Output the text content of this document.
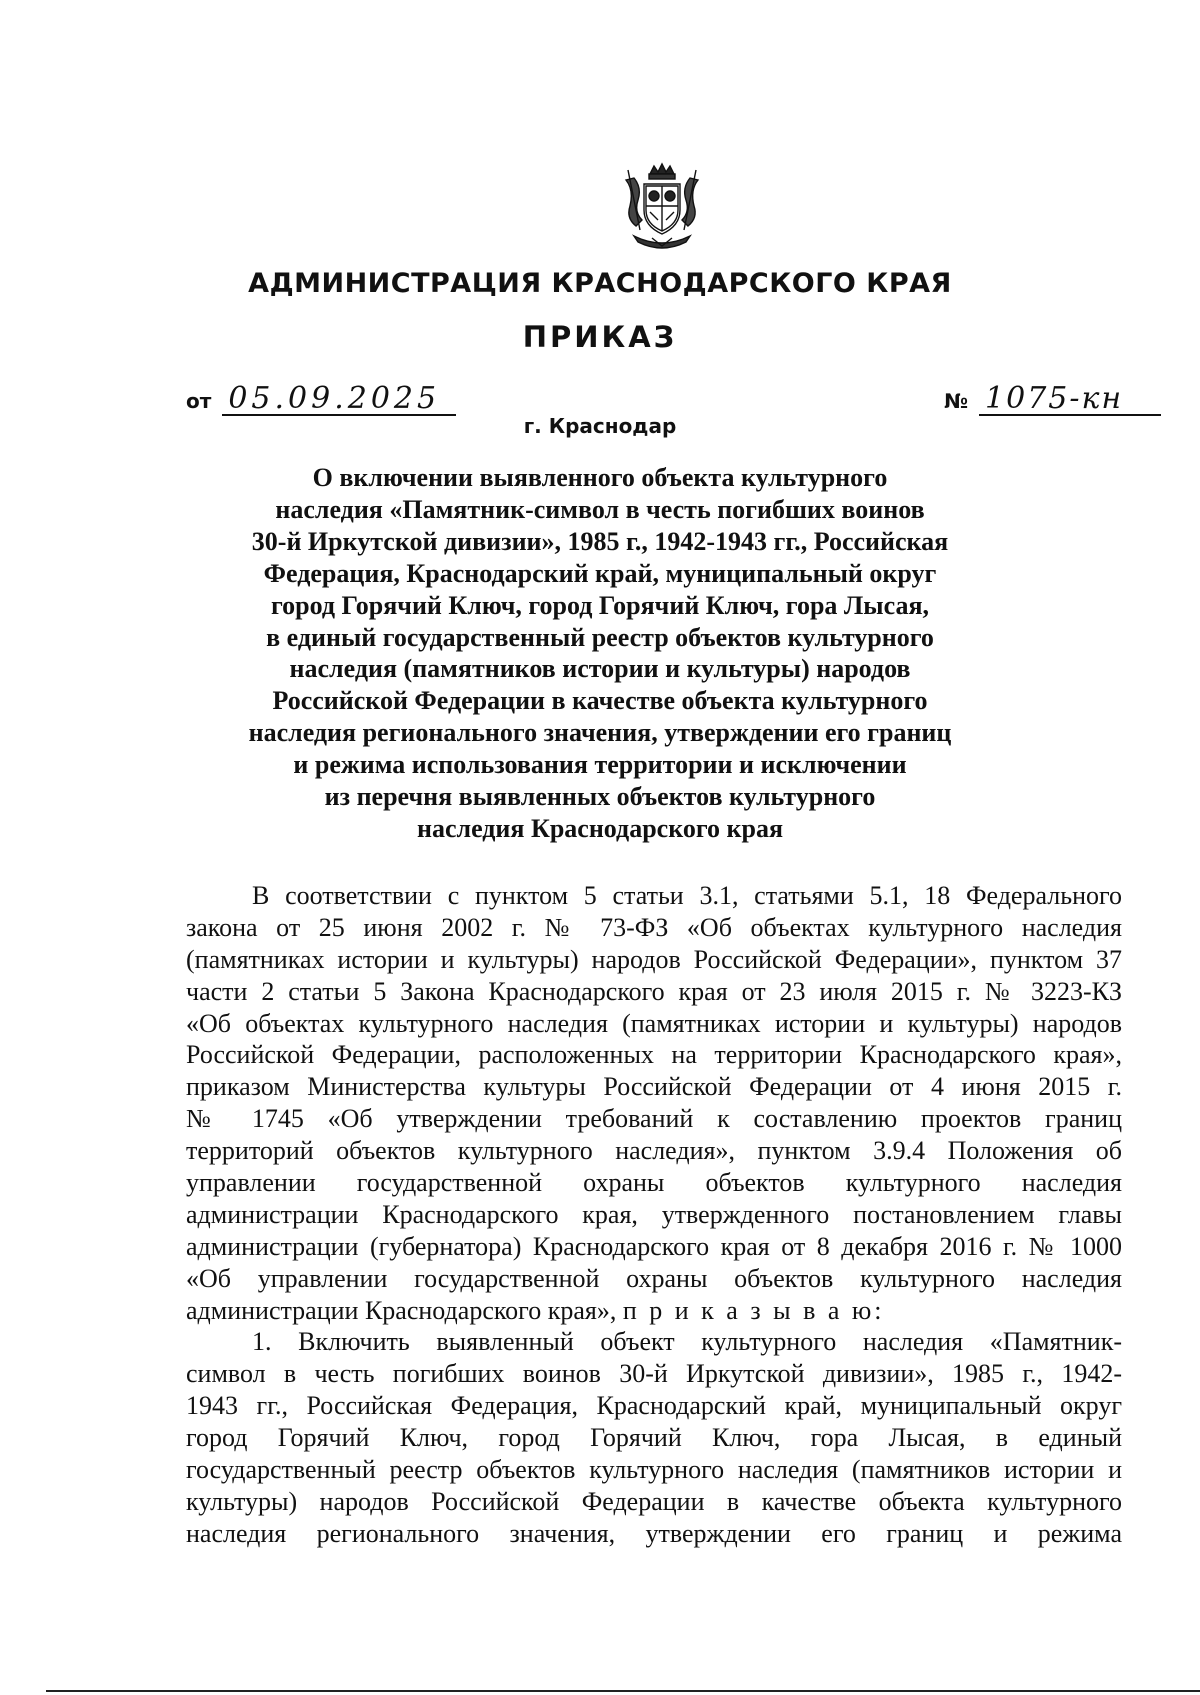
АДМИНИСТРАЦИЯ КРАСНОДАРСКОГО КРАЯ
ПРИКАЗ
от 05.09.2025	№ 1075-кн
г. Краснодар
О включении выявленного объекта культурного
наследия «Памятник-символ в честь погибших воинов
30-й Иркутской дивизии», 1985 г., 1942-1943 гг., Российская
Федерация, Краснодарский край, муниципальный округ
город Горячий Ключ, город Горячий Ключ, гора Лысая,
в единый государственный реестр объектов культурного
наследия (памятников истории и культуры) народов
Российской Федерации в качестве объекта культурного
наследия регионального значения, утверждении его границ
и режима использования территории и исключении
из перечня выявленных объектов культурного
наследия Краснодарского края
В соответствии с пунктом 5 статьи 3.1, статьями 5.1, 18 Федерального
закона от 25 июня 2002 г. № 73-ФЗ «Об объектах культурного наследия
(памятниках истории и культуры) народов Российской Федерации», пунктом 37
части 2 статьи 5 Закона Краснодарского края от 23 июля 2015 г. № 3223-КЗ
«Об объектах культурного наследия (памятниках истории и культуры) народов
Российской Федерации, расположенных на территории Краснодарского края»,
приказом Министерства культуры Российской Федерации от 4 июня 2015 г.
№ 1745 «Об утверждении требований к составлению проектов границ
территорий объектов культурного наследия», пунктом 3.9.4 Положения об
управлении государственной охраны объектов культурного наследия
администрации Краснодарского края, утвержденного постановлением главы
администрации (губернатора) Краснодарского края от 8 декабря 2016 г. № 1000
«Об управлении государственной охраны объектов культурного наследия
администрации Краснодарского края», п р и к а з ы в а ю:
1. Включить выявленный объект культурного наследия «Памятник-
символ в честь погибших воинов 30-й Иркутской дивизии», 1985 г., 1942-
1943 гг., Российская Федерация, Краснодарский край, муниципальный округ
город Горячий Ключ, город Горячий Ключ, гора Лысая, в единый
государственный реестр объектов культурного наследия (памятников истории и
культуры) народов Российской Федерации в качестве объекта культурного
наследия регионального значения, утверждении его границ и режима
